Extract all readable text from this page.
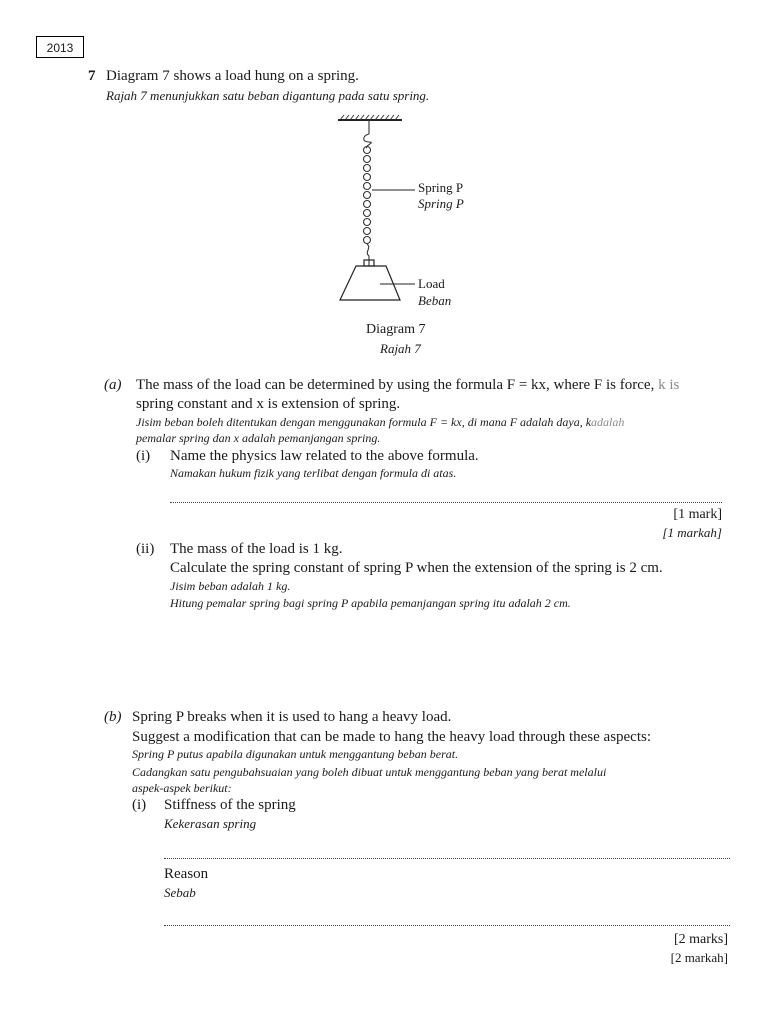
2013
7 Diagram 7 shows a load hung on a spring.
Rajah 7 menunjukkan satu beban digantung pada satu spring.
Spring P
Spring P
Load
Beban
Diagram 7
Rajah 7
(a) The mass of the load can be determined by using the formula F = kx, where F is force, k is
spring constant and x is extension of spring.
Jisim beban boleh ditentukan dengan menggunakan formula F = kx, di mana F adalah daya, kadalah
pemalar spring dan x adalah pemanjangan spring.
(i) Name the physics law related to the above formula.
Namakan hukum fizik yang terlibat dengan formula di atas.
[1 mark]
[1 markah]
(ii) The mass of the load is 1 kg.
Calculate the spring constant of spring P when the extension of the spring is 2 cm.
Jisim beban adalah 1 kg.
Hitung pemalar spring bagi spring P apabila pemanjangan spring itu adalah 2 cm.
(b) Spring P breaks when it is used to hang a heavy load.
Suggest a modification that can be made to hang the heavy load through these aspects:
Spring P putus apabila digunakan untuk menggantung beban berat.
Cadangkan satu pengubahsuaian yang boleh dibuat untuk menggantung beban yang berat melalui
aspek-aspek berikut:
(i) Stiffness of the spring
Kekerasan spring
Reason
Sebab
[2 marks]
[2 markah]
